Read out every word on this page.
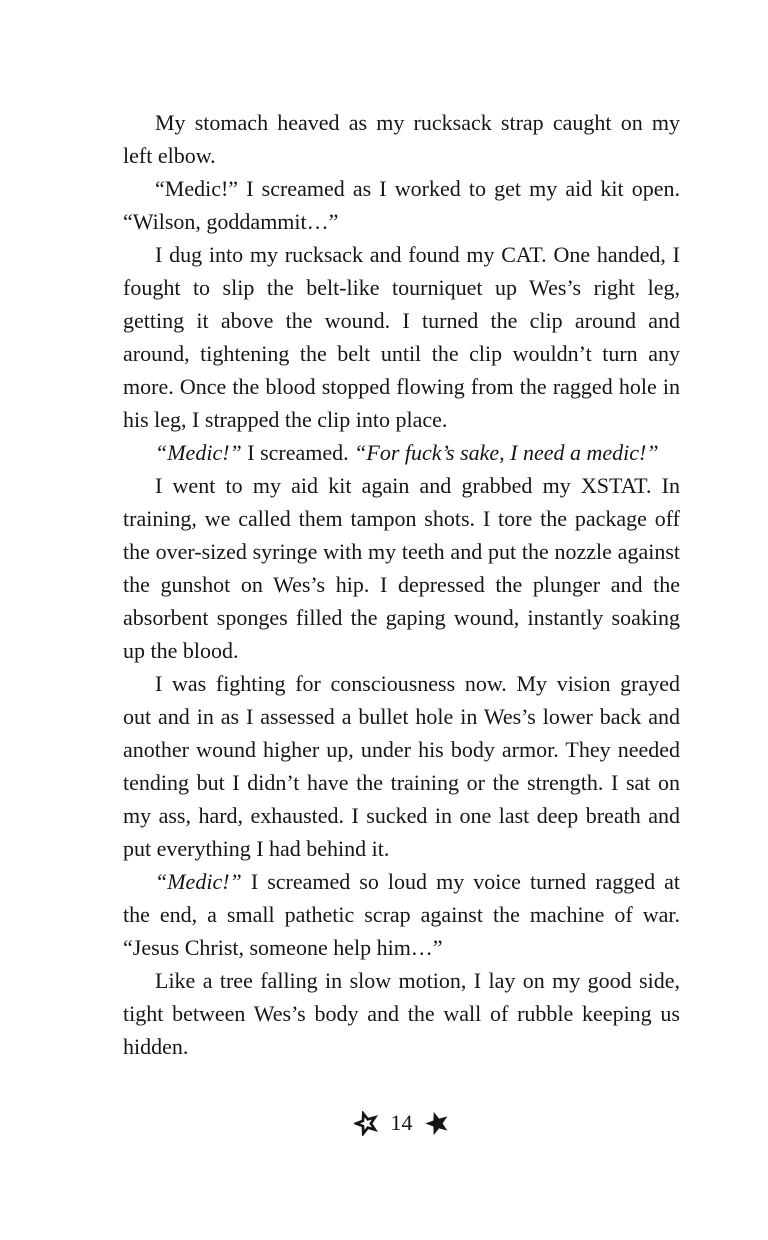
My stomach heaved as my rucksack strap caught on my left elbow.

“Medic!” I screamed as I worked to get my aid kit open. “Wilson, goddammit…”

I dug into my rucksack and found my CAT. One handed, I fought to slip the belt-like tourniquet up Wes’s right leg, getting it above the wound. I turned the clip around and around, tightening the belt until the clip wouldn’t turn any more. Once the blood stopped flowing from the ragged hole in his leg, I strapped the clip into place.

“Medic!” I screamed. “For fuck’s sake, I need a medic!”

I went to my aid kit again and grabbed my XSTAT. In training, we called them tampon shots. I tore the package off the over-sized syringe with my teeth and put the nozzle against the gunshot on Wes’s hip. I depressed the plunger and the absorbent sponges filled the gaping wound, instantly soaking up the blood.

I was fighting for consciousness now. My vision grayed out and in as I assessed a bullet hole in Wes’s lower back and another wound higher up, under his body armor. They needed tending but I didn’t have the training or the strength. I sat on my ass, hard, exhausted. I sucked in one last deep breath and put everything I had behind it.

“Medic!” I screamed so loud my voice turned ragged at the end, a small pathetic scrap against the machine of war. “Jesus Christ, someone help him…”

Like a tree falling in slow motion, I lay on my good side, tight between Wes’s body and the wall of rubble keeping us hidden.

14
